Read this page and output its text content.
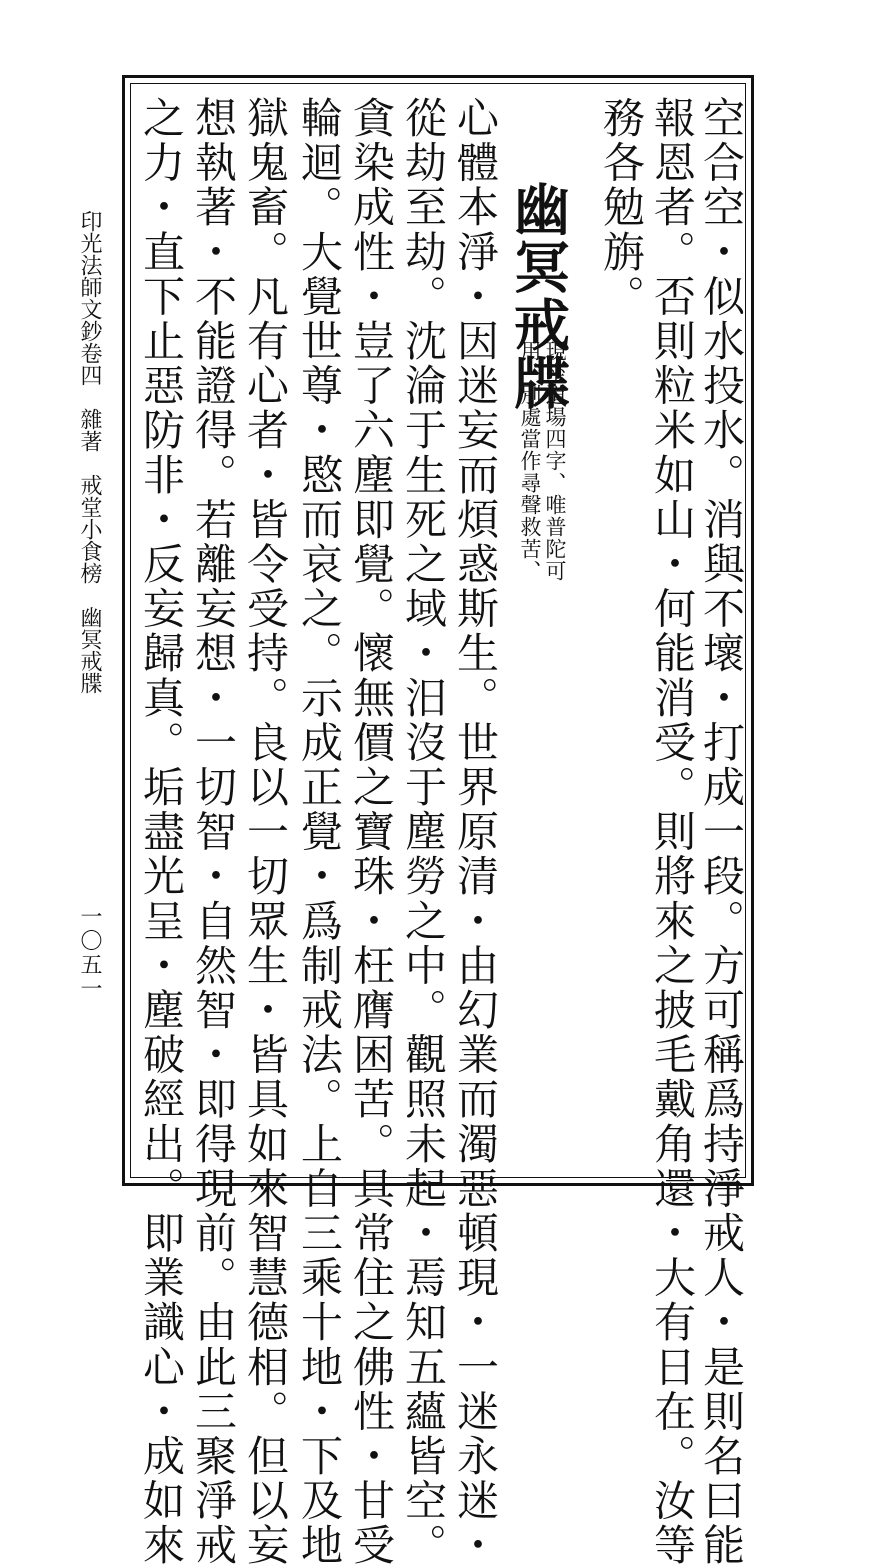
空合空・似水投水。消與不壞・打成一段。方可稱爲持淨戒人・是則名曰能
報恩者。否則粒米如山・何能消受。則將來之披毛戴角還・大有日在。汝等
務各勉旃。
幽冥戒牒
現坐道場四字、唯普陀可
用、別處當作尋聲救苦、
心體本淨・因迷妄而煩惑斯生。世界原清・由幻業而濁惡頓現・一迷永迷・
從劫至劫。沈淪于生死之域・汨沒于塵勞之中。觀照未起・焉知五蘊皆空。
貪染成性・豈了六塵即覺。懷無價之寶珠・枉膺困苦。具常住之佛性・甘受
輪迴。大覺世尊・愍而哀之。示成正覺・爲制戒法。上自三乘十地・下及地
獄鬼畜。凡有心者・皆令受持。良以一切眾生・皆具如來智慧德相。但以妄
想執著・不能證得。若離妄想・一切智・自然智・即得現前。由此三聚淨戒
之力・直下止惡防非・反妄歸真。垢盡光呈・塵破經出。即業識心・成如來
印光法師文鈔卷四　雜著　戒堂小食榜　幽冥戒牒
一〇五一
